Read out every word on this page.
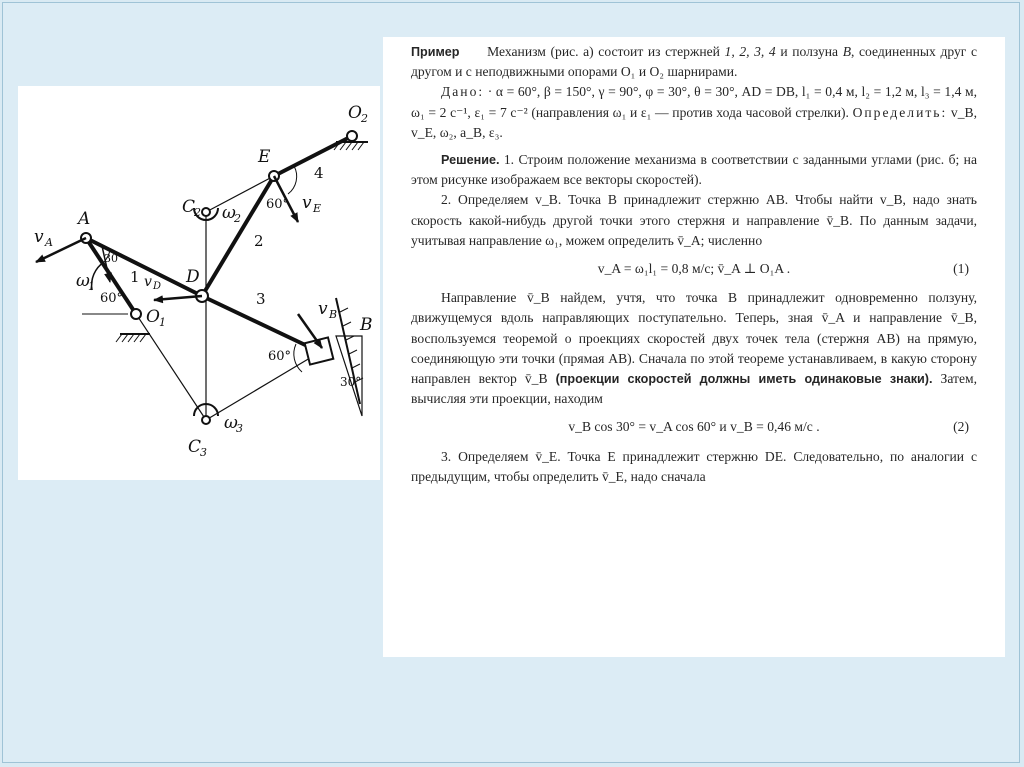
A
B
D
E
O 1
O 2
C
2
C
3
v A
v B
v D
v E
ω
1
ω
2
ω
3
1
2
3
4
30°
60°
60°
60°
30°

Пример Механизм (рис. а) состоит из стержней 1, 2, 3, 4 и ползуна B, соединенных друг с другом и с неподвижными опорами O₁ и O₂ шарнирами.

Дано: · α = 60°, β = 150°, γ = 90°, φ = 30°, θ = 30°, AD = DB, l₁ = 0,4 м, l₂ = 1,2 м, l₃ = 1,4 м, ω₁ = 2 с⁻¹, ε₁ = 7 с⁻² (направления ω₁ и ε₁ — против хода часовой стрелки). Определить: v_B, v_E, ω₂, a_B, ε₃.

Решение. 1. Строим положение механизма в соответствии с заданными углами (рис. б; на этом рисунке изображаем все векторы скоростей).

2. Определяем v_B. Точка B принадлежит стержню AB. Чтобы найти v_B, надо знать скорость какой-нибудь другой точки этого стержня и направление v̄_B. По данным задачи, учитывая направление ω₁, можем определить v̄_A; численно

v_A = ω₁l₁ = 0,8 м/с; v̄_A ⊥ O₁A .	(1)

Направление v̄_B найдем, учтя, что точка B принадлежит одновременно ползуну, движущемуся вдоль направляющих поступательно. Теперь, зная v̄_A и направление v̄_B, воспользуемся теоремой о проекциях скоростей двух точек тела (стержня AB) на прямую, соединяющую эти точки (прямая AB). Сначала по этой теореме устанавливаем, в какую сторону направлен вектор v̄_B (проекции скоростей должны иметь одинаковые знаки). Затем, вычисляя эти проекции, находим

v_B cos 30° = v_A cos 60° и v_B = 0,46 м/с .	(2)

3. Определяем v̄_E. Точка E принадлежит стержню DE. Следовательно, по аналогии с предыдущим, чтобы определить v̄_E, надо сначала
